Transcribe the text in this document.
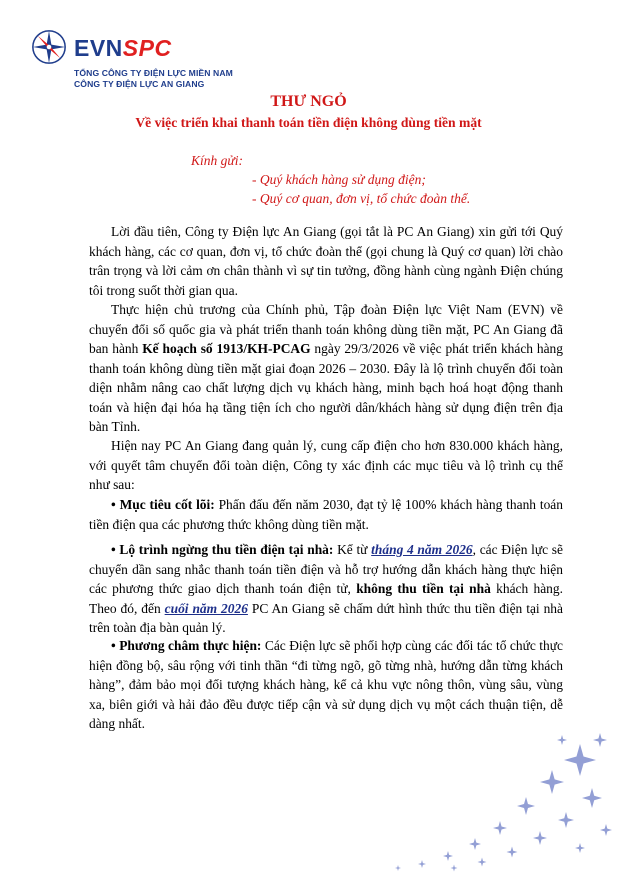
EVNSPC
TỔNG CÔNG TY ĐIỆN LỰC MIỀN NAM
CÔNG TY ĐIỆN LỰC AN GIANG
THƯ NGỎ
Về việc triển khai thanh toán tiền điện không dùng tiền mặt
Kính gửi:
- Quý khách hàng sử dụng điện;
- Quý cơ quan, đơn vị, tổ chức đoàn thể.

Lời đầu tiên, Công ty Điện lực An Giang (gọi tắt là PC An Giang) xin gửi tới Quý khách hàng, các cơ quan, đơn vị, tổ chức đoàn thể (gọi chung là Quý cơ quan) lời chào trân trọng và lời cảm ơn chân thành vì sự tin tưởng, đồng hành cùng ngành Điện chúng tôi trong suốt thời gian qua.

Thực hiện chủ trương của Chính phủ, Tập đoàn Điện lực Việt Nam (EVN) về chuyển đổi số quốc gia và phát triển thanh toán không dùng tiền mặt, PC An Giang đã ban hành Kế hoạch số 1913/KH-PCAG ngày 29/3/2026 về việc phát triển khách hàng thanh toán không dùng tiền mặt giai đoạn 2026 – 2030. Đây là lộ trình chuyển đổi toàn diện nhằm nâng cao chất lượng dịch vụ khách hàng, minh bạch hoá hoạt động thanh toán và hiện đại hóa hạ tầng tiện ích cho người dân/khách hàng sử dụng điện trên địa bàn Tỉnh.

Hiện nay PC An Giang đang quản lý, cung cấp điện cho hơn 830.000 khách hàng, với quyết tâm chuyển đổi toàn diện, Công ty xác định các mục tiêu và lộ trình cụ thể như sau:

• Mục tiêu cốt lõi: Phấn đấu đến năm 2030, đạt tỷ lệ 100% khách hàng thanh toán tiền điện qua các phương thức không dùng tiền mặt.

• Lộ trình ngừng thu tiền điện tại nhà: Kể từ tháng 4 năm 2026, các Điện lực sẽ chuyển dần sang nhắc thanh toán tiền điện và hỗ trợ hướng dẫn khách hàng thực hiện các phương thức giao dịch thanh toán điện tử, không thu tiền tại nhà khách hàng. Theo đó, đến cuối năm 2026 PC An Giang sẽ chấm dứt hình thức thu tiền điện tại nhà trên toàn địa bàn quản lý.

• Phương châm thực hiện: Các Điện lực sẽ phối hợp cùng các đối tác tổ chức thực hiện đồng bộ, sâu rộng với tinh thần “đi từng ngõ, gõ từng nhà, hướng dẫn từng khách hàng”, đảm bảo mọi đối tượng khách hàng, kể cả khu vực nông thôn, vùng sâu, vùng xa, biên giới và hải đảo đều được tiếp cận và sử dụng dịch vụ một cách thuận tiện, dễ dàng nhất.
